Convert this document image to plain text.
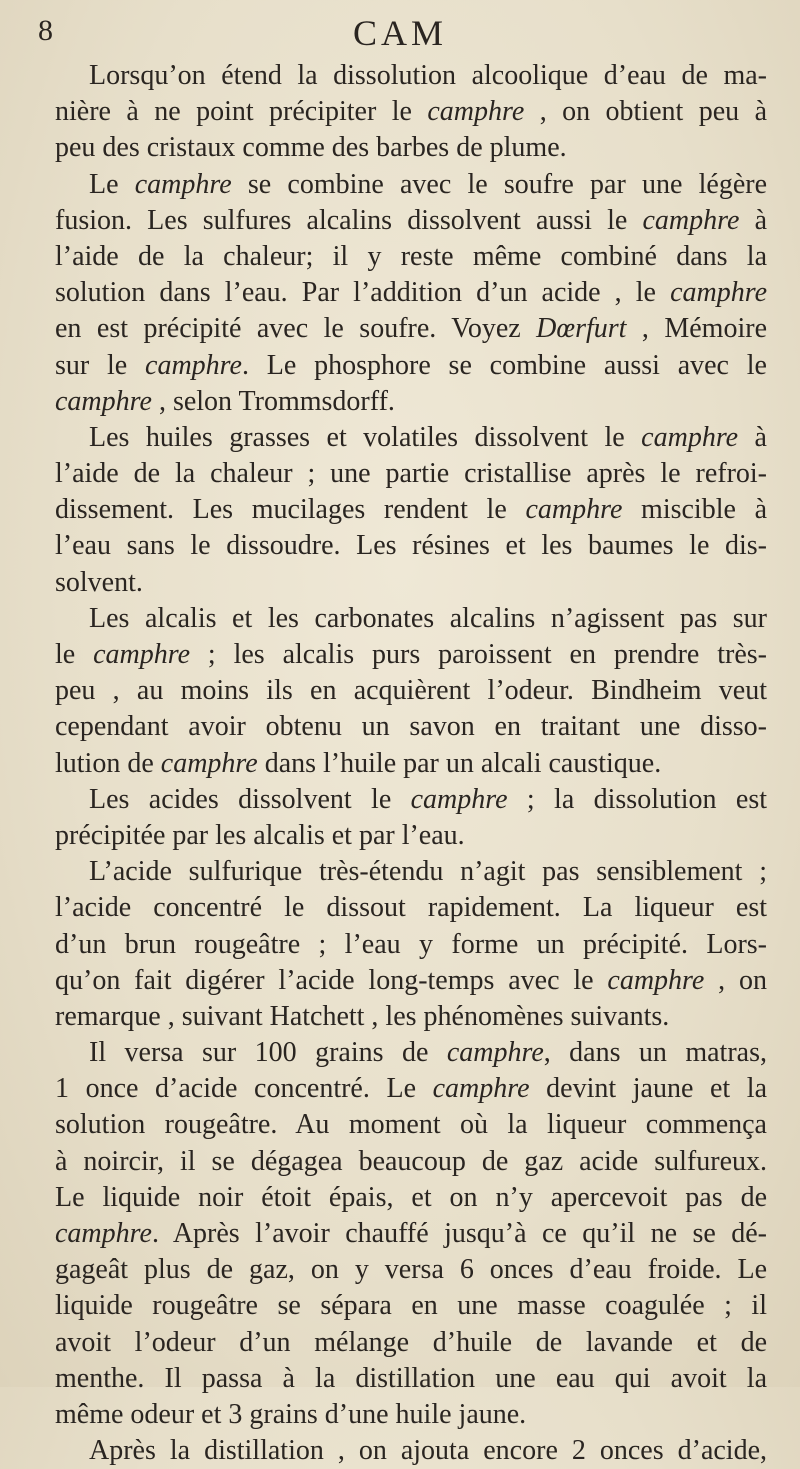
8	CAM
Lorsqu’on étend la dissolution alcoolique d’eau de ma-
nière à ne point précipiter le camphre , on obtient peu à
peu des cristaux comme des barbes de plume.
Le camphre se combine avec le soufre par une légère
fusion. Les sulfures alcalins dissolvent aussi le camphre à
l’aide de la chaleur; il y reste même combiné dans la
solution dans l’eau. Par l’addition d’un acide , le camphre
en est précipité avec le soufre. Voyez Dœrfurt , Mémoire
sur le camphre. Le phosphore se combine aussi avec le
camphre , selon Trommsdorff.
Les huiles grasses et volatiles dissolvent le camphre à
l’aide de la chaleur ; une partie cristallise après le refroi-
dissement. Les mucilages rendent le camphre miscible à
l’eau sans le dissoudre. Les résines et les baumes le dis-
solvent.
Les alcalis et les carbonates alcalins n’agissent pas sur
le camphre ; les alcalis purs paroissent en prendre très-
peu , au moins ils en acquièrent l’odeur. Bindheim veut
cependant avoir obtenu un savon en traitant une disso-
lution de camphre dans l’huile par un alcali caustique.
Les acides dissolvent le camphre ; la dissolution est
précipitée par les alcalis et par l’eau.
L’acide sulfurique très-étendu n’agit pas sensiblement ;
l’acide concentré le dissout rapidement. La liqueur est
d’un brun rougeâtre ; l’eau y forme un précipité. Lors-
qu’on fait digérer l’acide long-temps avec le camphre , on
remarque , suivant Hatchett , les phénomènes suivants.
Il versa sur 100 grains de camphre, dans un matras,
1 once d’acide concentré. Le camphre devint jaune et la
solution rougeâtre. Au moment où la liqueur commença
à noircir, il se dégagea beaucoup de gaz acide sulfureux.
Le liquide noir étoit épais, et on n’y apercevoit pas de
camphre. Après l’avoir chauffé jusqu’à ce qu’il ne se dé-
gageât plus de gaz, on y versa 6 onces d’eau froide. Le
liquide rougeâtre se sépara en une masse coagulée ; il
avoit l’odeur d’un mélange d’huile de lavande et de
menthe. Il passa à la distillation une eau qui avoit la
même odeur et 3 grains d’une huile jaune.
Après la distillation , on ajouta encore 2 onces d’acide,
